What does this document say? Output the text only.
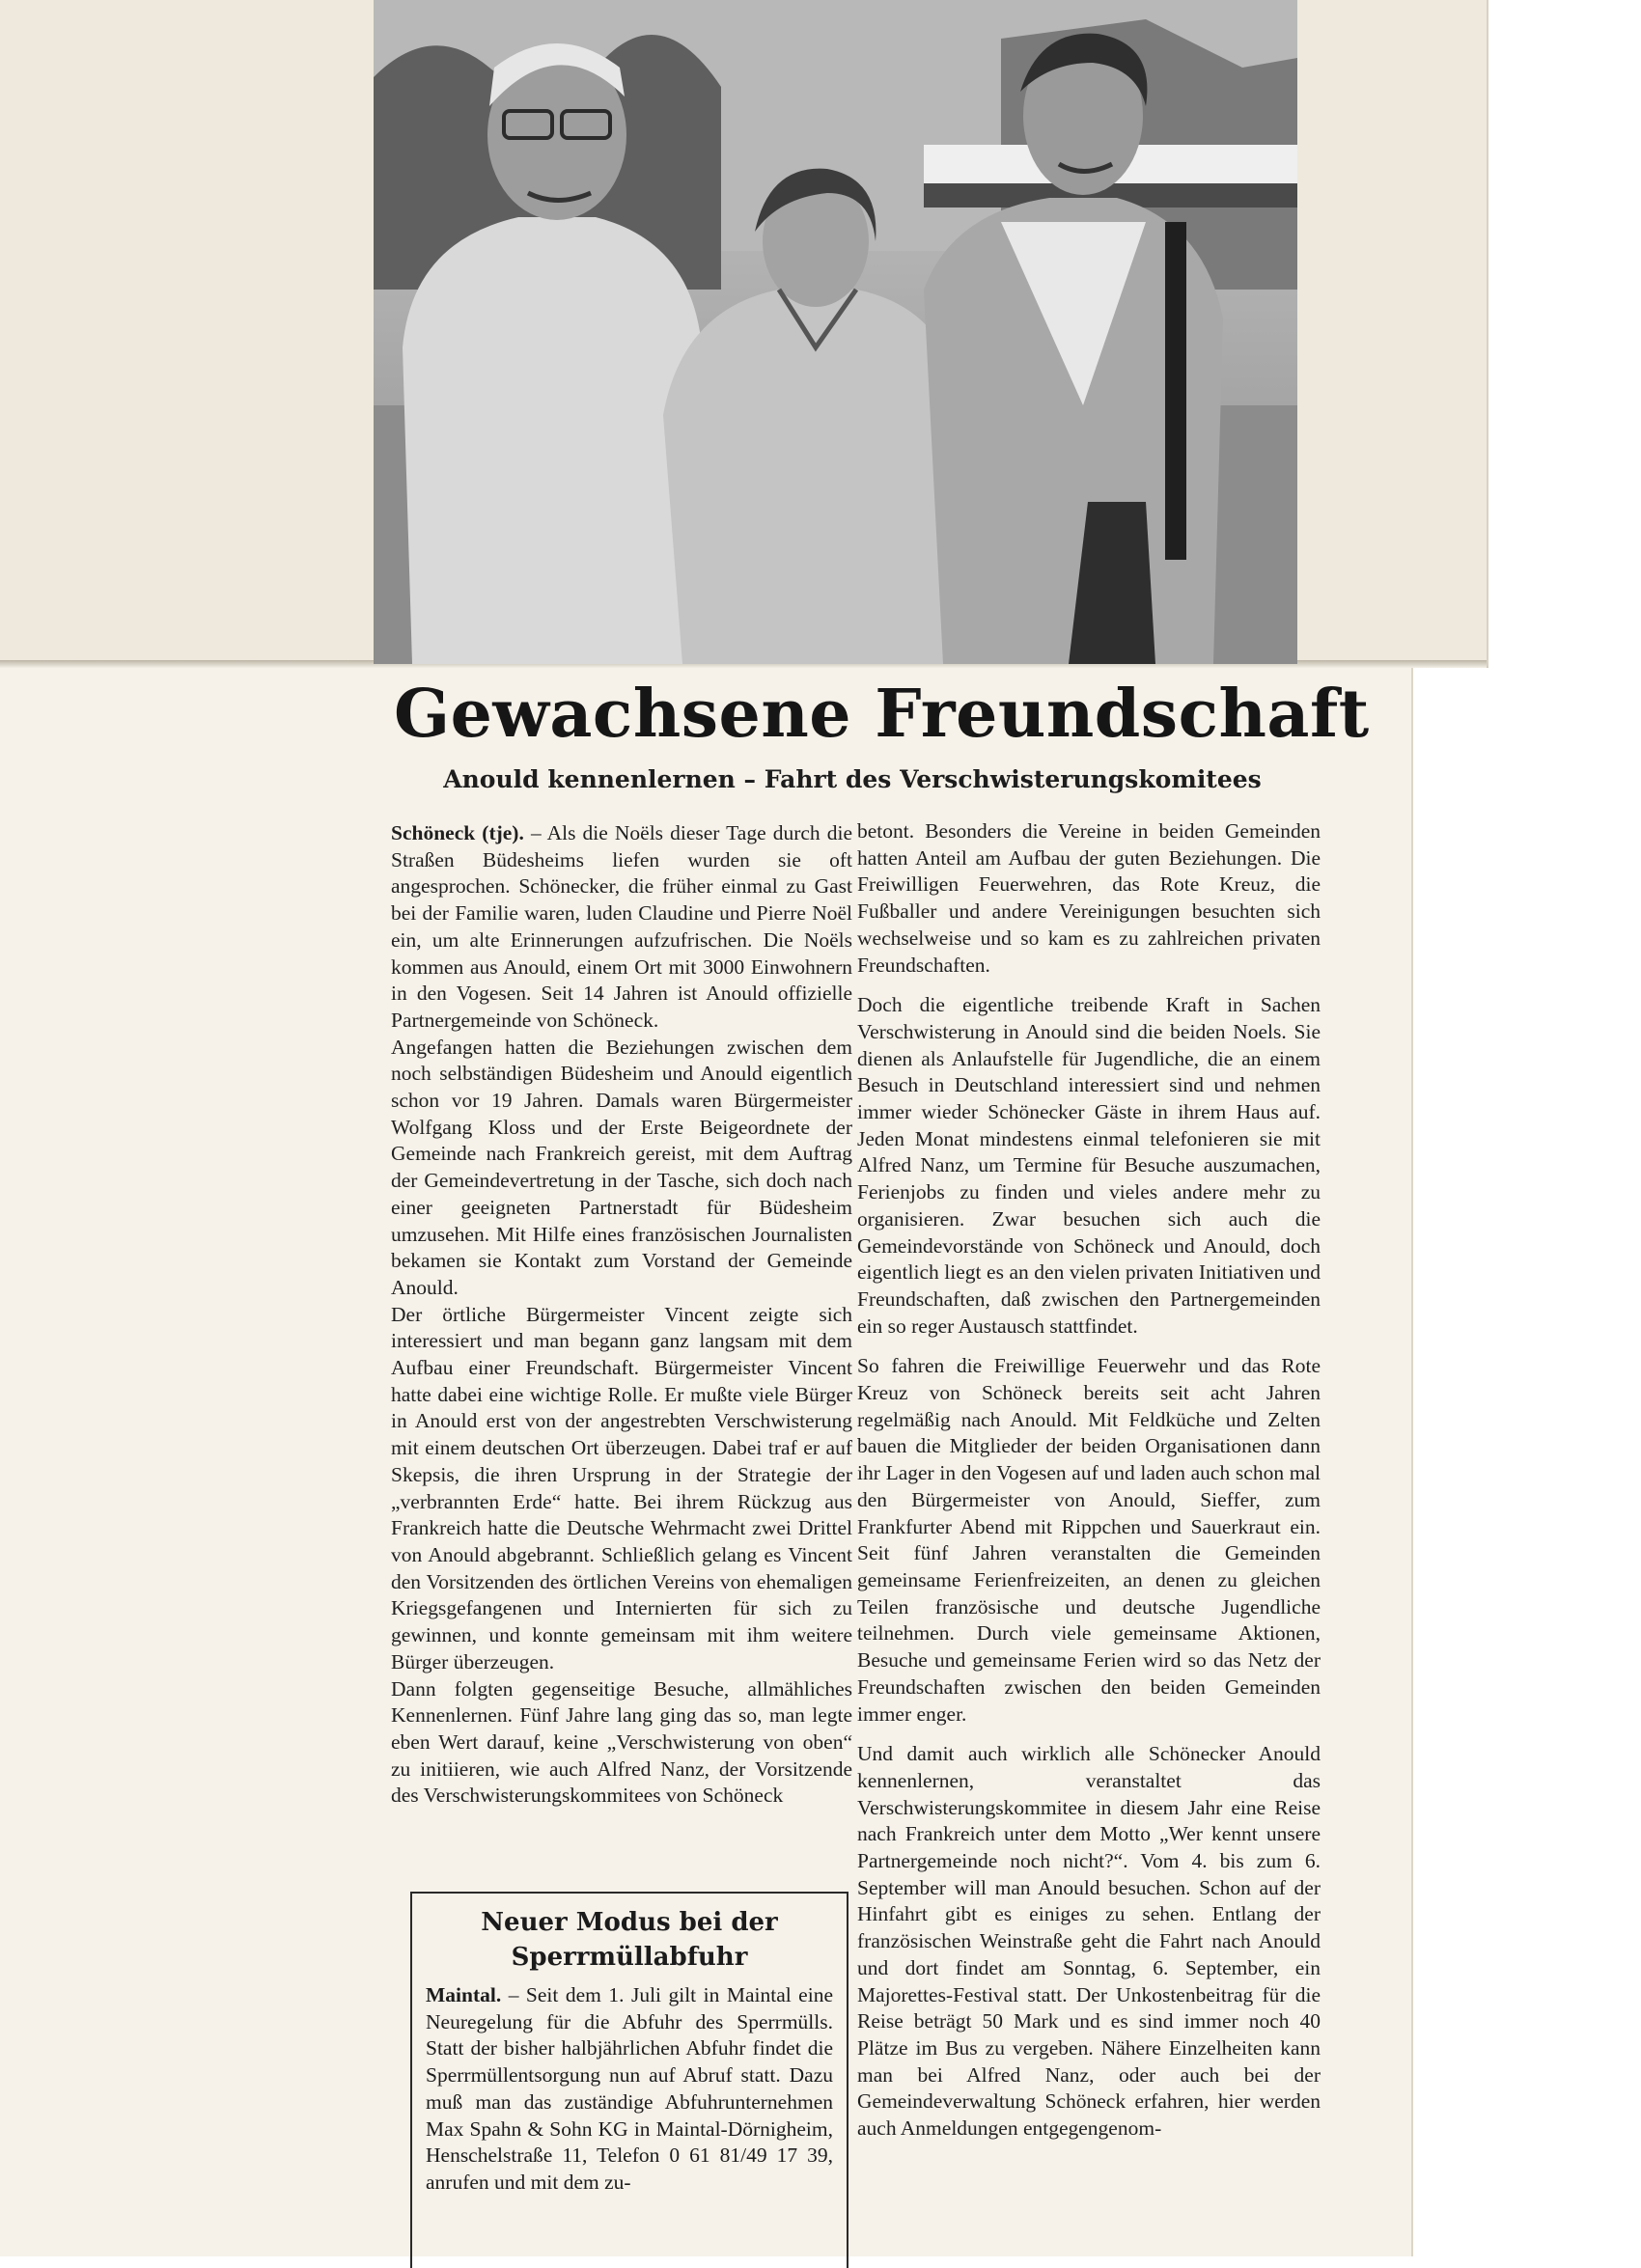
Gewachsene Freundschaft
Anould kennenlernen – Fahrt des Verschwisterungskomitees

Schöneck (tje). – Als die Noëls dieser Tage durch die Straßen Büdesheims liefen wurden sie oft angesprochen. Schönecker, die früher einmal zu Gast bei der Familie waren, luden Claudine und Pierre Noël ein, um alte Erinnerungen aufzufrischen. Die Noëls kommen aus Anould, einem Ort mit 3000 Einwohnern in den Vogesen. Seit 14 Jahren ist Anould offizielle Partnergemeinde von Schöneck.

Angefangen hatten die Beziehungen zwischen dem noch selbständigen Büdesheim und Anould eigentlich schon vor 19 Jahren. Damals waren Bürgermeister Wolfgang Kloss und der Erste Beigeordnete der Gemeinde nach Frankreich gereist, mit dem Auftrag der Gemeindevertretung in der Tasche, sich doch nach einer geeigneten Partnerstadt für Büdesheim umzusehen. Mit Hilfe eines französischen Journalisten bekamen sie Kontakt zum Vorstand der Gemeinde Anould.

Der örtliche Bürgermeister Vincent zeigte sich interessiert und man begann ganz langsam mit dem Aufbau einer Freundschaft. Bürgermeister Vincent hatte dabei eine wichtige Rolle. Er mußte viele Bürger in Anould erst von der angestrebten Verschwisterung mit einem deutschen Ort überzeugen. Dabei traf er auf Skepsis, die ihren Ursprung in der Strategie der „verbrannten Erde“ hatte. Bei ihrem Rückzug aus Frankreich hatte die Deutsche Wehrmacht zwei Drittel von Anould abgebrannt. Schließlich gelang es Vincent den Vorsitzenden des örtlichen Vereins von ehemaligen Kriegsgefangenen und Internierten für sich zu gewinnen, und konnte gemeinsam mit ihm weitere Bürger überzeugen.

Dann folgten gegenseitige Besuche, allmähliches Kennenlernen. Fünf Jahre lang ging das so, man legte eben Wert darauf, keine „Verschwisterung von oben“ zu initiieren, wie auch Alfred Nanz, der Vorsitzende des Verschwisterungskommitees von Schöneck

betont. Besonders die Vereine in beiden Gemeinden hatten Anteil am Aufbau der guten Beziehungen. Die Freiwilligen Feuerwehren, das Rote Kreuz, die Fußballer und andere Vereinigungen besuchten sich wechselweise und so kam es zu zahlreichen privaten Freundschaften.

Doch die eigentliche treibende Kraft in Sachen Verschwisterung in Anould sind die beiden Noels. Sie dienen als Anlaufstelle für Jugendliche, die an einem Besuch in Deutschland interessiert sind und nehmen immer wieder Schönecker Gäste in ihrem Haus auf. Jeden Monat mindestens einmal telefonieren sie mit Alfred Nanz, um Termine für Besuche auszumachen, Ferienjobs zu finden und vieles andere mehr zu organisieren. Zwar besuchen sich auch die Gemeindevorstände von Schöneck und Anould, doch eigentlich liegt es an den vielen privaten Initiativen und Freundschaften, daß zwischen den Partnergemeinden ein so reger Austausch stattfindet.

So fahren die Freiwillige Feuerwehr und das Rote Kreuz von Schöneck bereits seit acht Jahren regelmäßig nach Anould. Mit Feldküche und Zelten bauen die Mitglieder der beiden Organisationen dann ihr Lager in den Vogesen auf und laden auch schon mal den Bürgermeister von Anould, Sieffer, zum Frankfurter Abend mit Rippchen und Sauerkraut ein. Seit fünf Jahren veranstalten die Gemeinden gemeinsame Ferienfreizeiten, an denen zu gleichen Teilen französische und deutsche Jugendliche teilnehmen. Durch viele gemeinsame Aktionen, Besuche und gemeinsame Ferien wird so das Netz der Freundschaften zwischen den beiden Gemeinden immer enger.

Und damit auch wirklich alle Schönecker Anould kennenlernen, veranstaltet das Verschwisterungskommitee in diesem Jahr eine Reise nach Frankreich unter dem Motto „Wer kennt unsere Partnergemeinde noch nicht?“. Vom 4. bis zum 6. September will man Anould besuchen. Schon auf der Hinfahrt gibt es einiges zu sehen. Entlang der französischen Weinstraße geht die Fahrt nach Anould und dort findet am Sonntag, 6. September, ein Majorettes-Festival statt. Der Unkostenbeitrag für die Reise beträgt 50 Mark und es sind immer noch 40 Plätze im Bus zu vergeben. Nähere Einzelheiten kann man bei Alfred Nanz, oder auch bei der Gemeindeverwaltung Schöneck erfahren, hier werden auch Anmeldungen entgegengenom-

Neuer Modus bei der Sperrmüllabfuhr
Maintal. – Seit dem 1. Juli gilt in Maintal eine Neuregelung für die Abfuhr des Sperrmülls. Statt der bisher halbjährlichen Abfuhr findet die Sperrmüllentsorgung nun auf Abruf statt. Dazu muß man das zuständige Abfuhrunternehmen Max Spahn & Sohn KG in Maintal-Dörnigheim, Henschelstraße 11, Telefon 0 61 81/49 17 39, anrufen und mit dem zu-
